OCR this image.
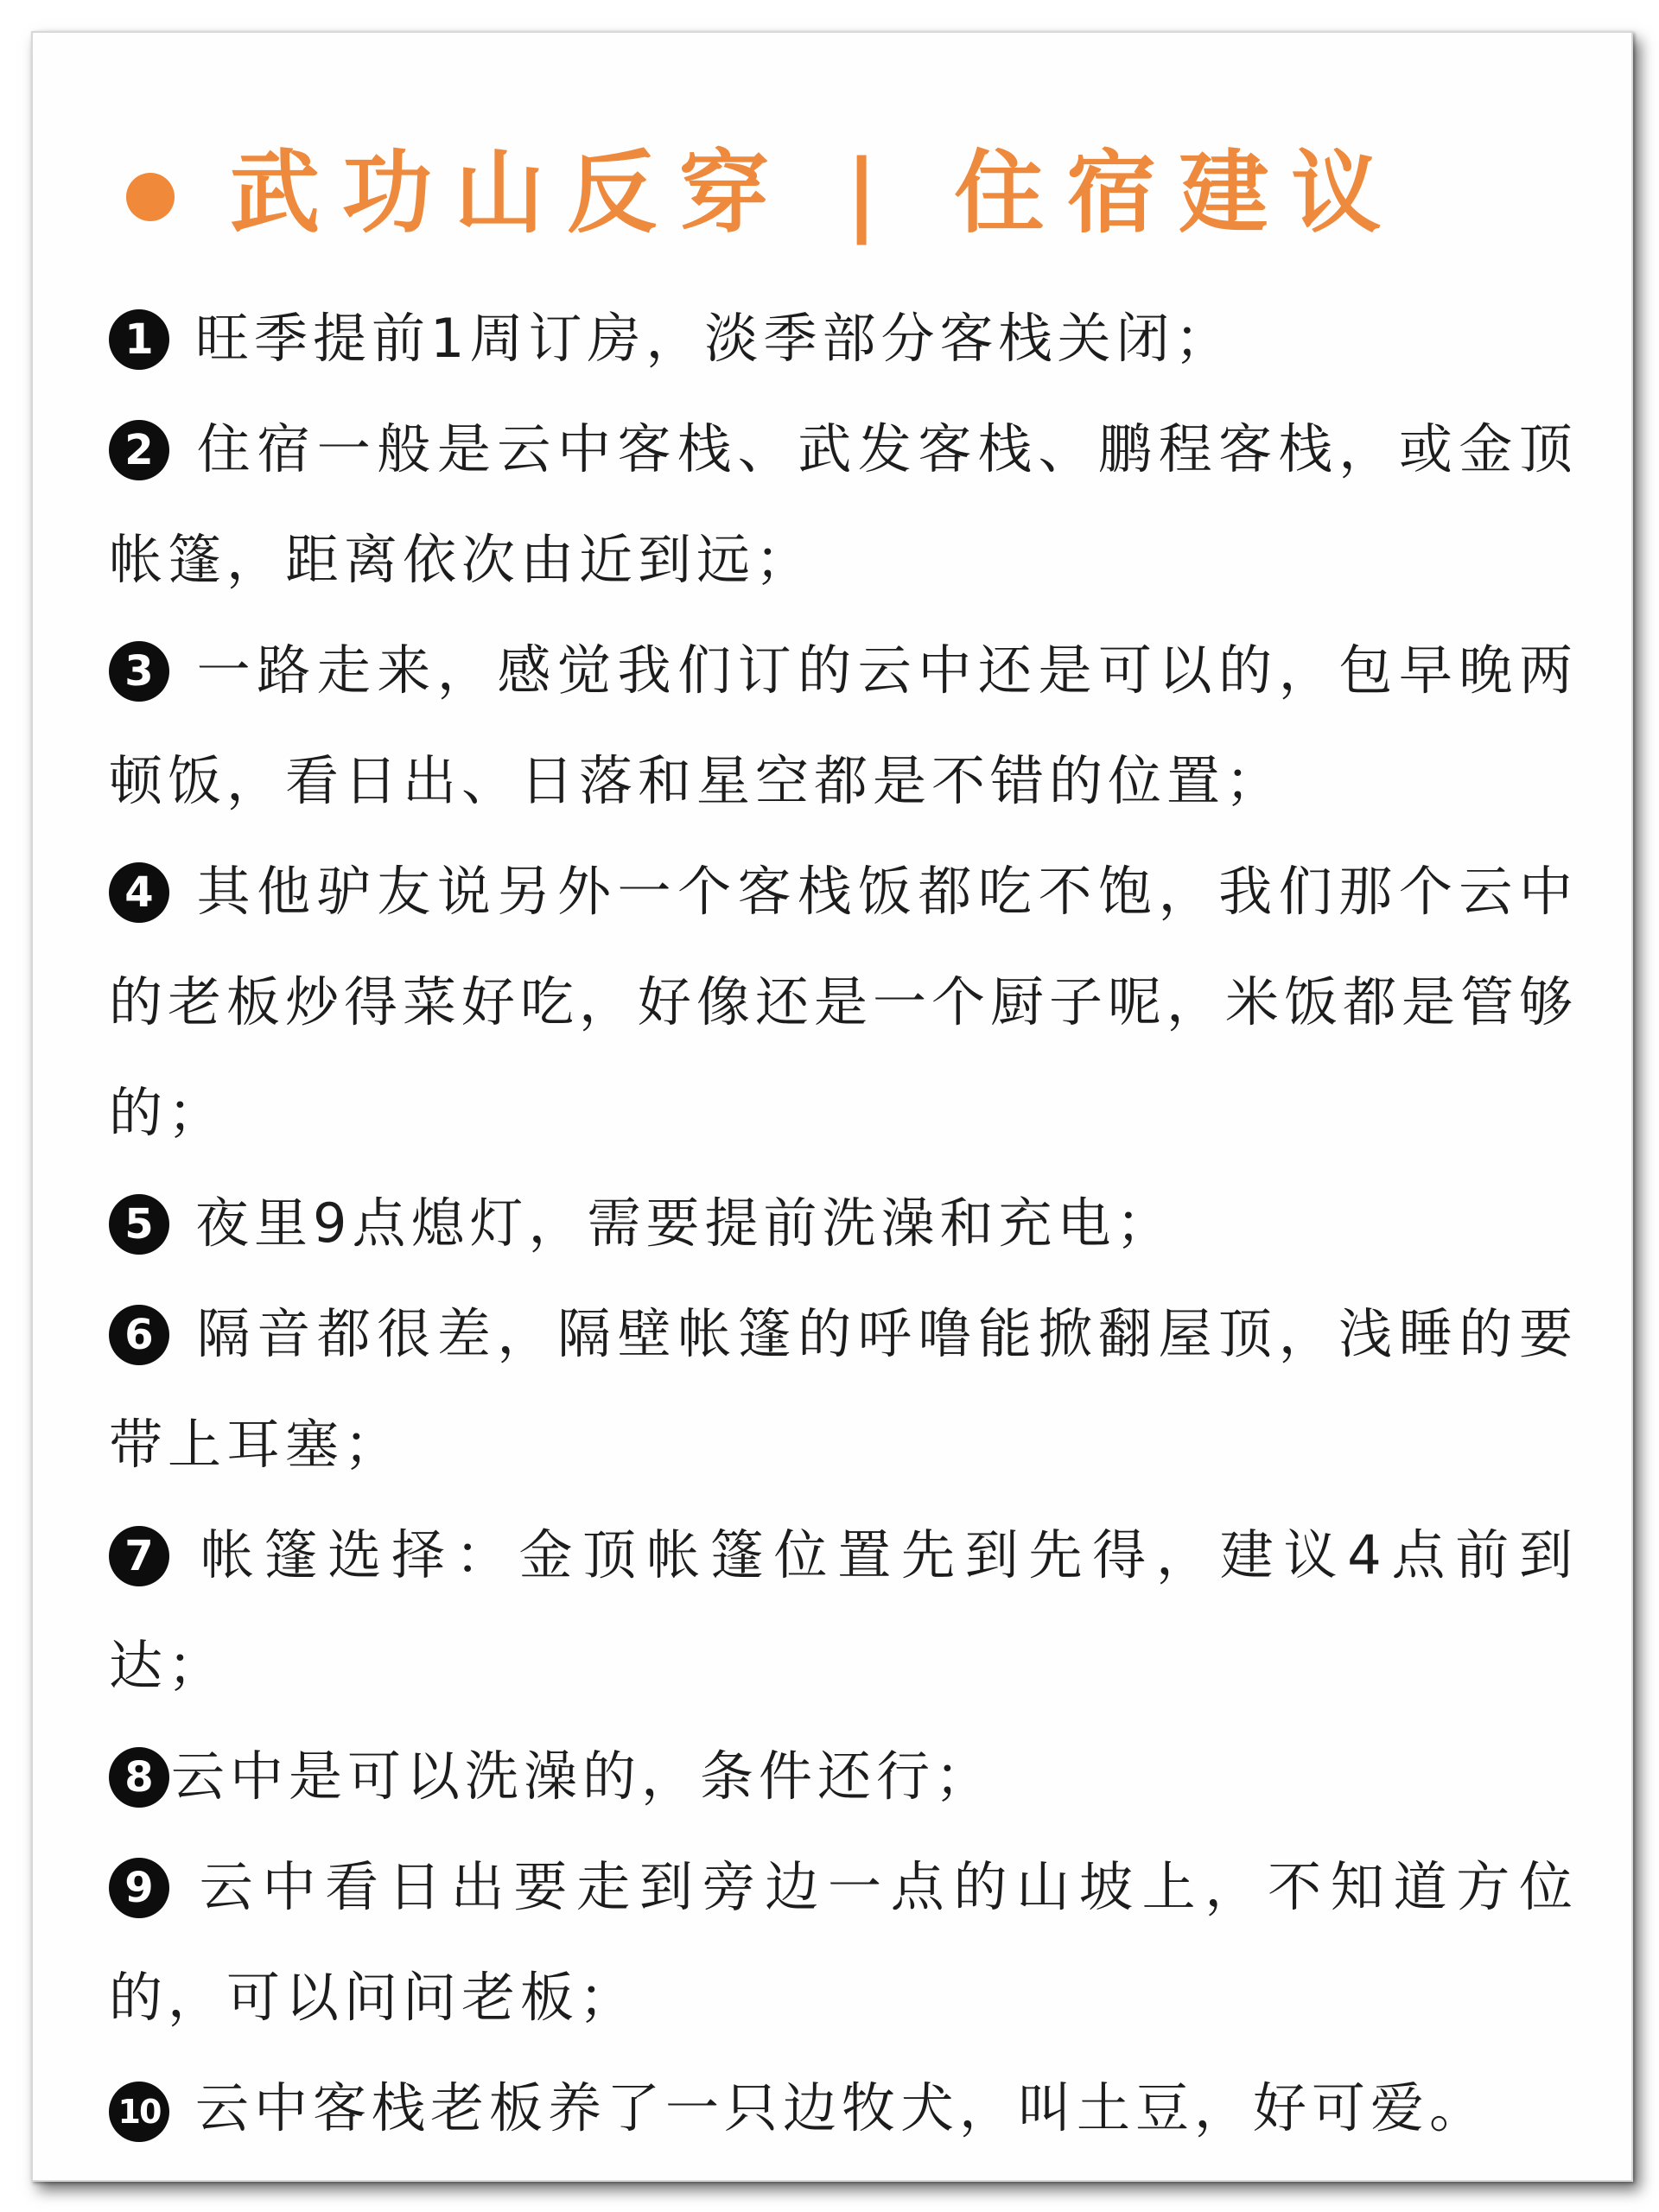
武功山反穿 | 住宿建议

1 旺季提前1周订房，淡季部分客栈关闭；

2 住宿一般是云中客栈、武发客栈、鹏程客栈，或金顶帐篷，距离依次由近到远；

3 一路走来，感觉我们订的云中还是可以的，包早晚两顿饭，看日出、日落和星空都是不错的位置；

4 其他驴友说另外一个客栈饭都吃不饱，我们那个云中的老板炒得菜好吃，好像还是一个厨子呢，米饭都是管够的；

5 夜里9点熄灯，需要提前洗澡和充电；

6 隔音都很差，隔壁帐篷的呼噜能掀翻屋顶，浅睡的要带上耳塞；

7 帐篷选择：金顶帐篷位置先到先得，建议4点前到达；

8 云中是可以洗澡的，条件还行；

9 云中看日出要走到旁边一点的山坡上，不知道方位的，可以问问老板；

10 云中客栈老板养了一只边牧犬，叫土豆，好可爱。
